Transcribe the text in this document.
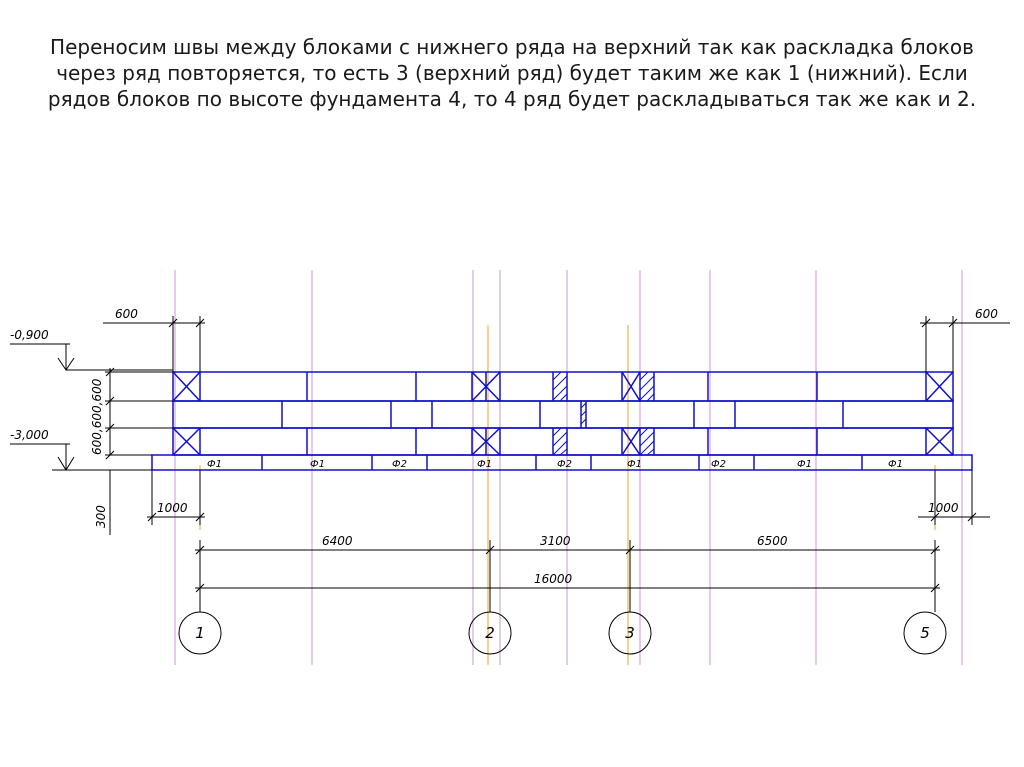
Переносим швы между блоками с нижнего ряда на верхний так как раскладка блоков через ряд повторяется, то есть 3 (верхний ряд) будет таким же как 1 (нижний). Если рядов блоков по высоте фундамента 4, то 4 ряд будет раскладываться так же как и 2.
Ф1	Ф1	Ф2	Ф1	Ф2	Ф1	Ф2	Ф1	Ф1
-0,900
-3,000	600,600,600
300
600	600
1000	1000
6400	3100	6500
16000
1	2	3	5
